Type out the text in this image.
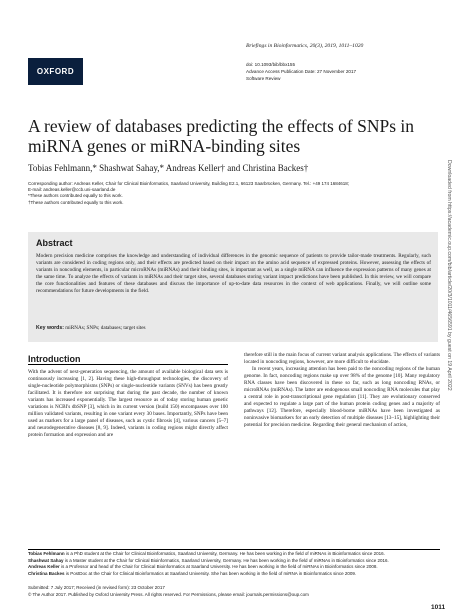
OXFORD
Briefings in Bioinformatics, 20(3), 2019, 1011–1020
doi: 10.1093/bib/bbx155
Advance Access Publication Date: 27 November 2017
Software Review
A review of databases predicting the effects of SNPs in miRNA genes or miRNA-binding sites
Tobias Fehlmann,* Shashwat Sahay,* Andreas Keller† and Christina Backes†
Corresponding author: Andreas Keller, Chair for Clinical Bioinformatics, Saarland University, Building E2.1, 66123 Saarbrücken, Germany. Tel.: +49 174 1684618;
E-mail: andreas.keller@ccb.uni-saarland.de
*These authors contributed equally to this work.
†These authors contributed equally to this work.
Abstract
Modern precision medicine comprises the knowledge and understanding of individual differences in the genomic sequence of patients to provide tailor-made treatments. Regularly, such variants are considered in coding regions only, and their effects are predicted based on their impact on the amino acid sequence of expressed proteins. However, assessing the effects of variants in noncoding elements, in particular microRNAs (miRNAs) and their binding sites, is important as well, as a single miRNA can influence the expression patterns of many genes at the same time. To analyze the effects of variants in miRNAs and their target sites, several databases storing variant impact predictions have been published. In this review, we will compare the core functionalities and features of these databases and discuss the importance of up-to-date data resources in the context of web applications. Finally, we will outline some recommendations for future developments in the field.
Key words: miRNAs; SNPs; databases; target sites
Introduction

With the advent of next-generation sequencing, the amount of available biological data sets is continuously increasing [1, 2]. Having these high-throughput technologies, the discovery of single-nucleotide polymorphisms (SNPs) or single-nucleotide variants (SNVs) has been greatly facilitated. It is therefore not surprising that during the past decade, the number of known variants has increased exponentially. The largest resource as of today storing human genetic variations is NCBI's dbSNP [3], which in its current version (build 150) encompasses over 100 million validated variants, resulting in one variant every 30 bases. Importantly, SNPs have been used as markers for a large panel of diseases, such as cystic fibrosis [4], various cancers [5–7] and neurodegenerative diseases [8, 9]. Indeed, variants in coding regions might directly affect protein formation and expression and are

therefore still in the main focus of current variant analysis applications. The effects of variants located in noncoding regions, however, are more difficult to elucidate.

In recent years, increasing attention has been paid to the noncoding regions of the human genome. In fact, noncoding regions make up over 98% of the genome [10]. Many regulatory RNA classes have been discovered in these so far, such as long noncoding RNAs, or microRNAs (miRNAs). The latter are endogenous small noncoding RNA molecules that play a central role in post-transcriptional gene regulation [11]. They are evolutionary conserved and expected to regulate a large part of the human protein coding genes and a majority of pathways [12]. Therefore, especially blood-borne miRNAs have been investigated as noninvasive biomarkers for an early detection of multiple diseases [13–15], highlighting their potential for precision medicine. Regarding their general mechanism of action,

Tobias Fehlmann is a PhD student at the Chair for Clinical Bioinformatics, Saarland University, Germany. He has been working in the field of miRNAs in Bioinformatics since 2016.

Shashwat Sahay is a Master student at the Chair for Clinical Bioinformatics, Saarland University, Germany. He has been working in the field of miRNAs in Bioinformatics since 2016.

Andreas Keller is a Professor and head of the Chair for Clinical Bioinformatics at Saarland University. He has been working in the field of miRNAs in Bioinformatics since 2008.

Christina Backes is PostDoc at the Chair for Clinical Bioinformatics at Saarland University. She has been working in the field of miRNA in Bioinformatics since 2009.

Submitted: 7 July 2017; Received (in revised form): 23 October 2017
© The Author 2017. Published by Oxford University Press. All rights reserved. For Permissions, please email: journals.permissions@oup.com
1011
Downloaded from https://academic.oup.com/bib/article/20/3/1011/4656591 by guest on 19 April 2022
